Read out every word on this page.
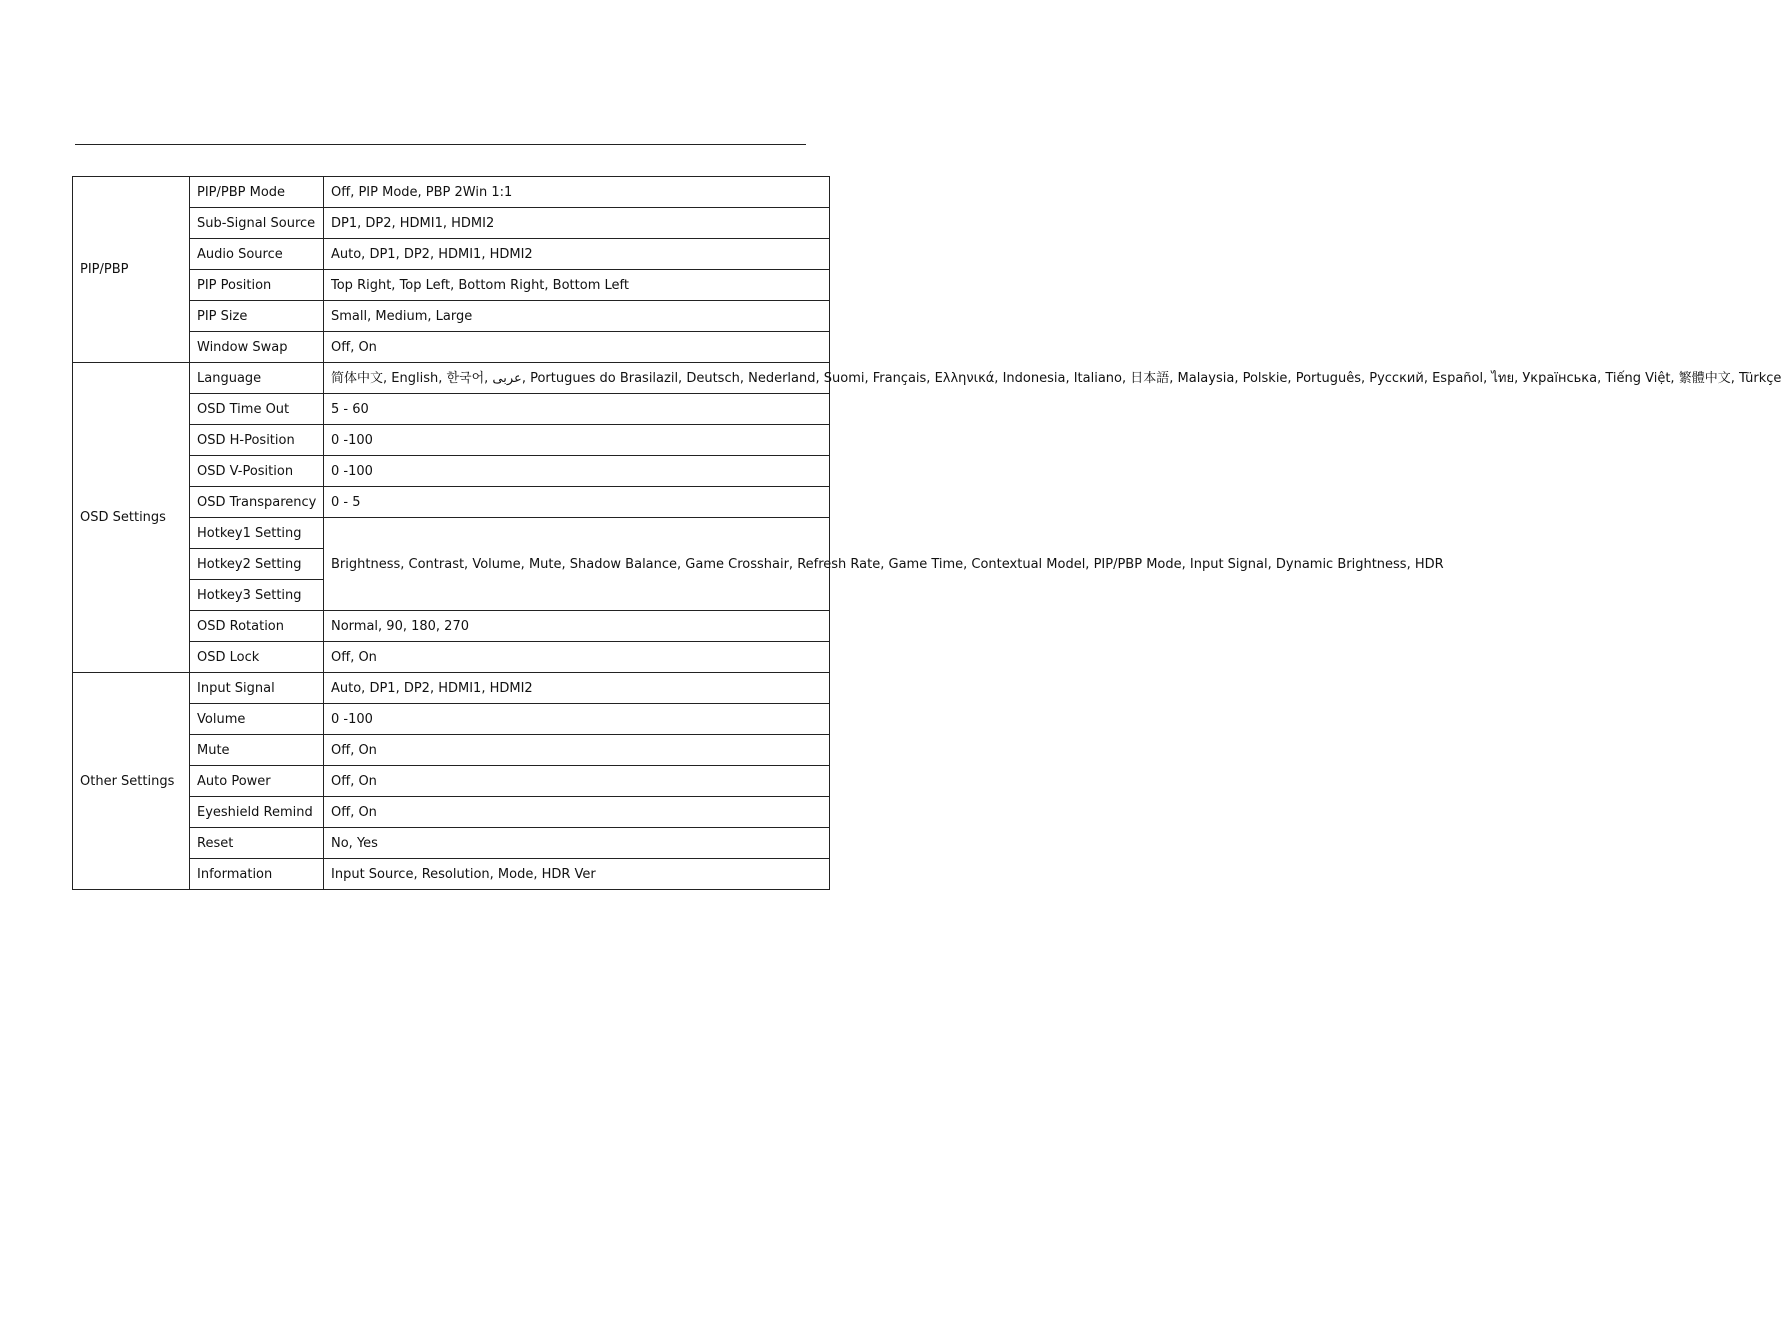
PIP/PBP	PIP/PBP Mode	Off, PIP Mode, PBP 2Win 1:1
	Sub-Signal Source	DP1, DP2, HDMI1, HDMI2
	Audio Source	Auto, DP1, DP2, HDMI1, HDMI2
	PIP Position	Top Right, Top Left, Bottom Right, Bottom Left
	PIP Size	Small, Medium, Large
	Window Swap	Off, On
OSD Settings	Language	简体中文, English, 한국어, عربى, Portugues do Brasilazil, Deutsch, Nederland, Suomi, Français, Ελληνικά, Indonesia, Italiano, 日本語, Malaysia, Polskie, Português, Русский, Español, ไทย, Українська, Tiếng Việt, 繁體中文, Türkçe
	OSD Time Out	5 - 60
	OSD H-Position	0 -100
	OSD V-Position	0 -100
	OSD Transparency	0 - 5
	Hotkey1 Setting	Brightness, Contrast, Volume, Mute, Shadow Balance, Game Crosshair, Refresh Rate, Game Time, Contextual Model, PIP/PBP Mode, Input Signal, Dynamic Brightness, HDR
	Hotkey2 Setting	
	Hotkey3 Setting	
	OSD Rotation	Normal, 90, 180, 270
	OSD Lock	Off, On
Other Settings	Input Signal	Auto, DP1, DP2, HDMI1, HDMI2
	Volume	0 -100
	Mute	Off, On
	Auto Power	Off, On
	Eyeshield Remind	Off, On
	Reset	No, Yes
	Information	Input Source, Resolution, Mode, HDR Ver
